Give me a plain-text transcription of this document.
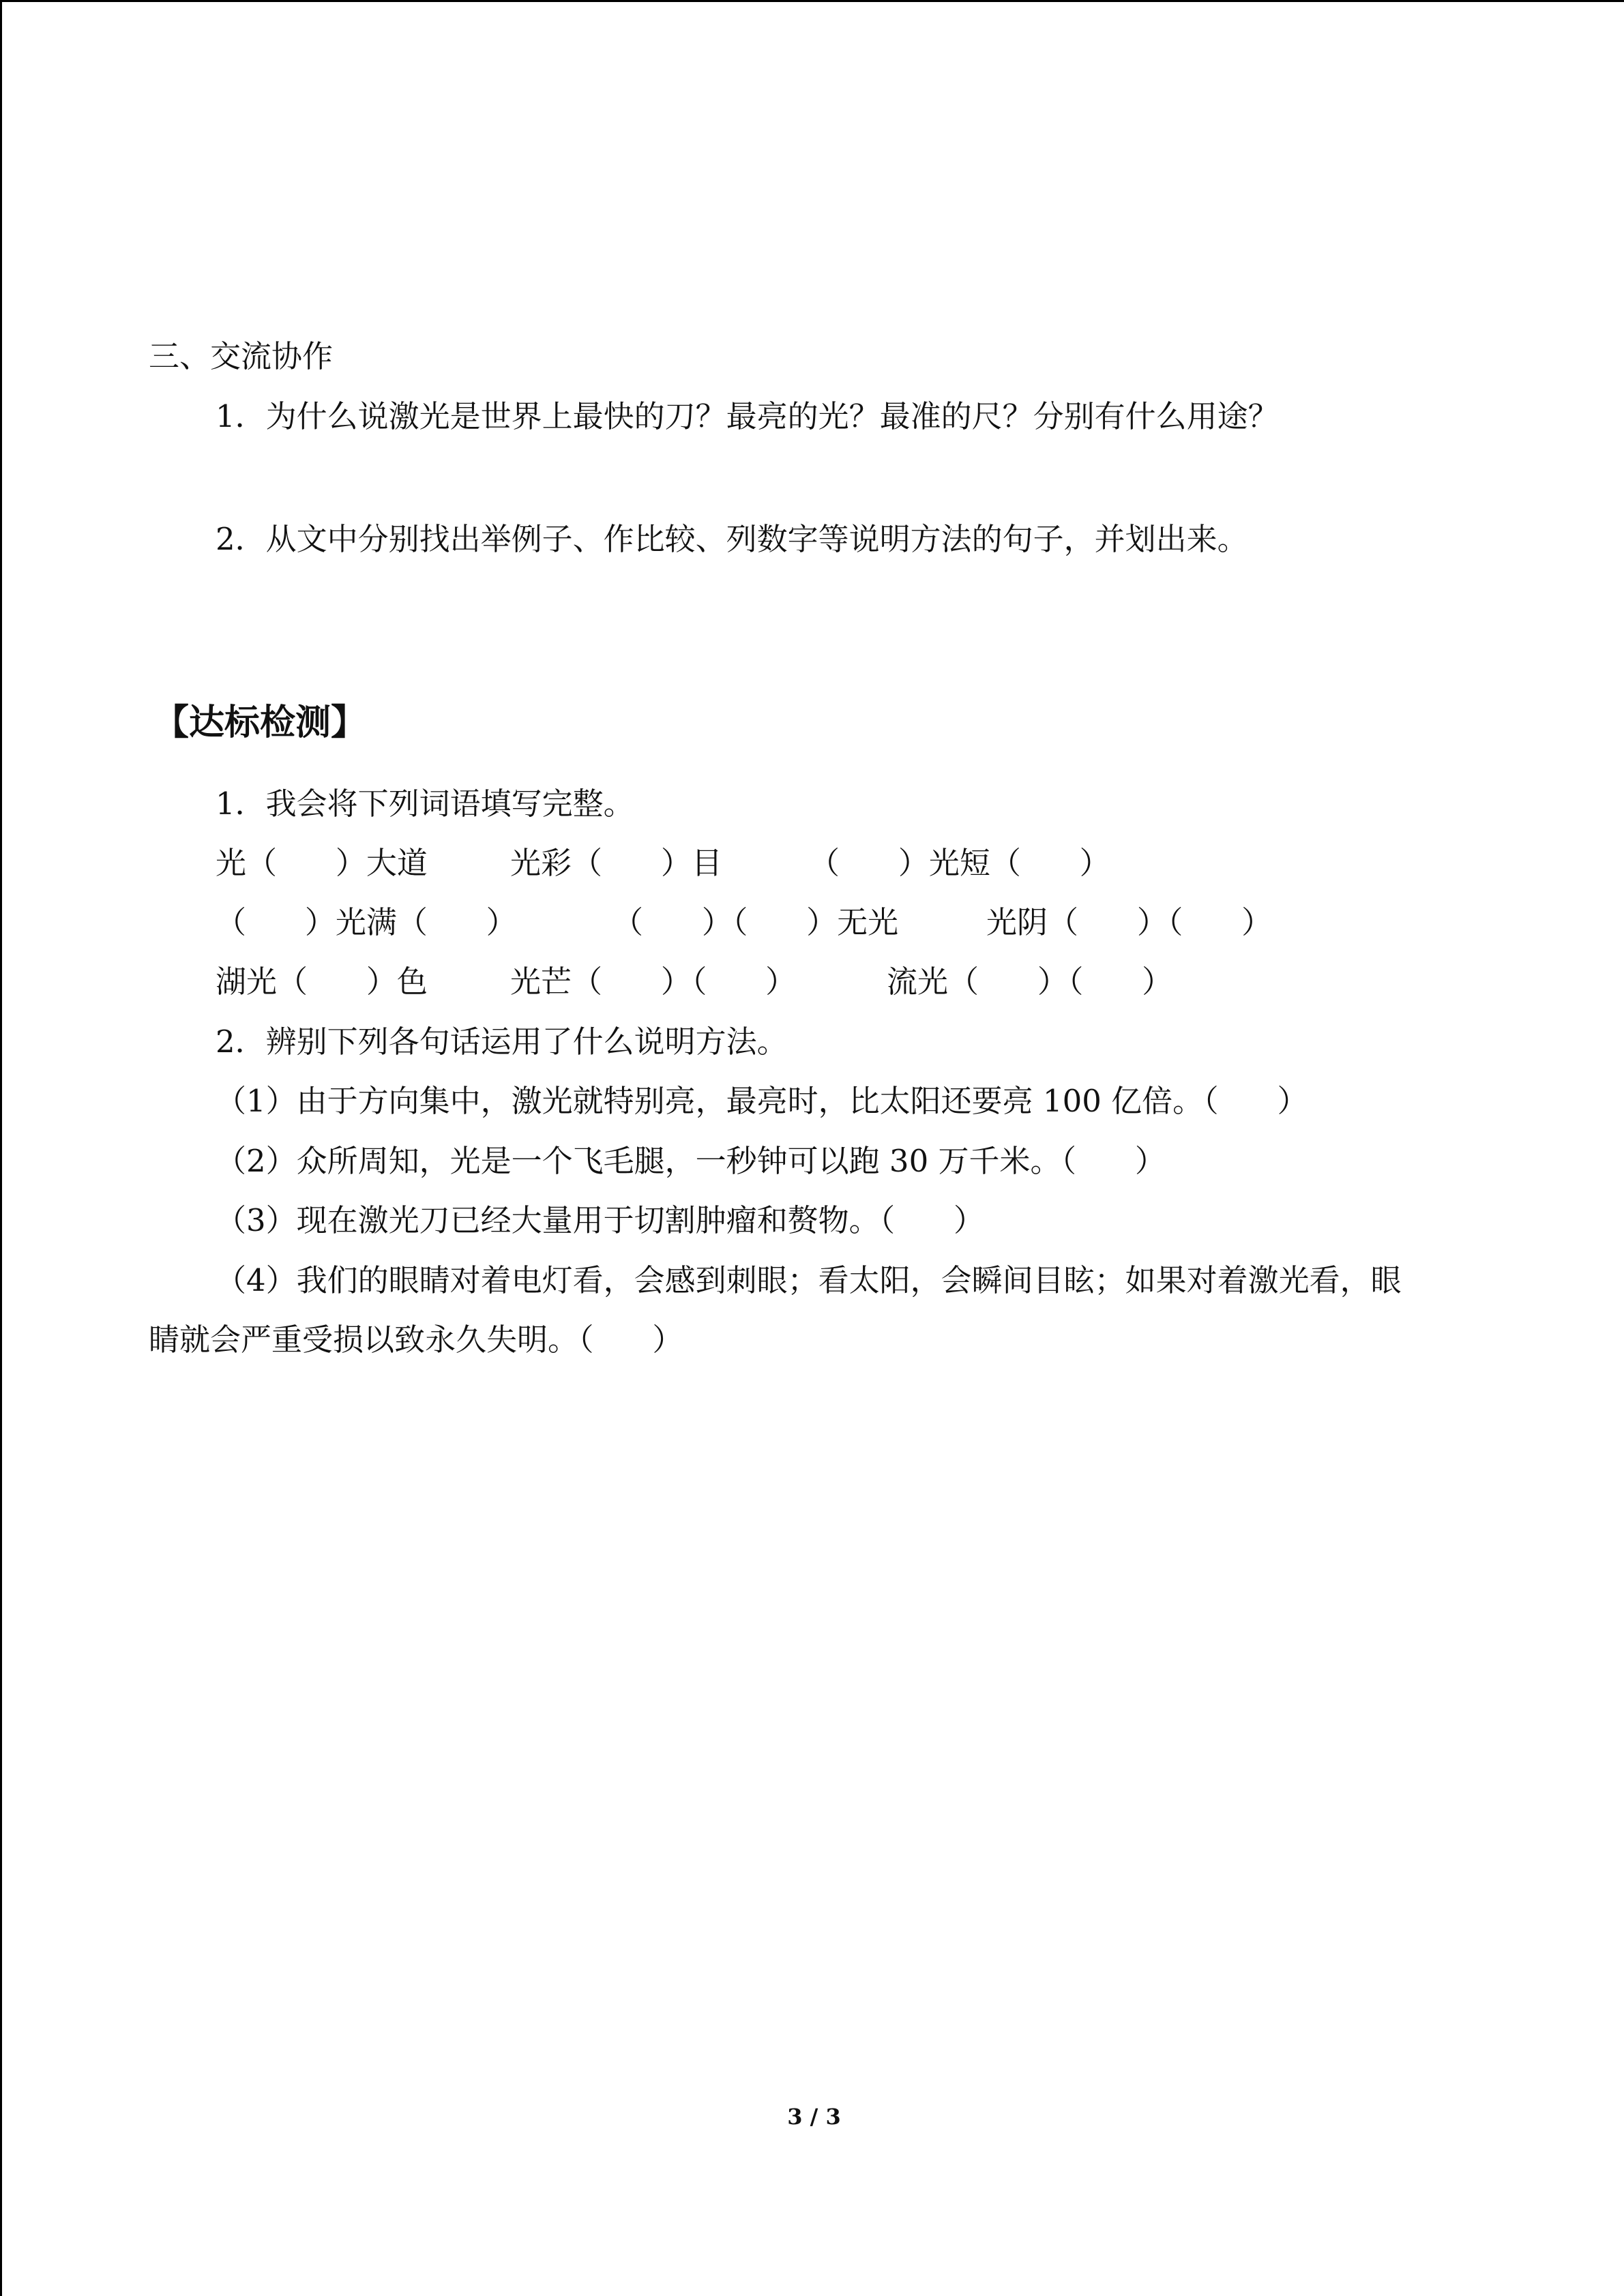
三、交流协作
1．为什么说激光是世界上最快的刀？最亮的光？最准的尺？分别有什么用途？
2．从文中分别找出举例子、作比较、列数字等说明方法的句子，并划出来。
【达标检测】
1．我会将下列词语填写完整。
光（      ）大道	光彩（      ）目	（      ）光短（      ）
（      ）光满（      ）	（      ）（      ）无光	光阴（      ）（      ）
湖光（      ）色	光芒（      ）（      ）	流光（      ）（      ）
2．辨别下列各句话运用了什么说明方法。
（1）由于方向集中，激光就特别亮，最亮时，比太阳还要亮 100 亿倍。（      ）
（2）众所周知，光是一个飞毛腿，一秒钟可以跑 30 万千米。（      ）
（3）现在激光刀已经大量用于切割肿瘤和赘物。（      ）
（4）我们的眼睛对着电灯看，会感到刺眼；看太阳，会瞬间目眩；如果对着激光看，眼
睛就会严重受损以致永久失明。（      ）
3 / 3
